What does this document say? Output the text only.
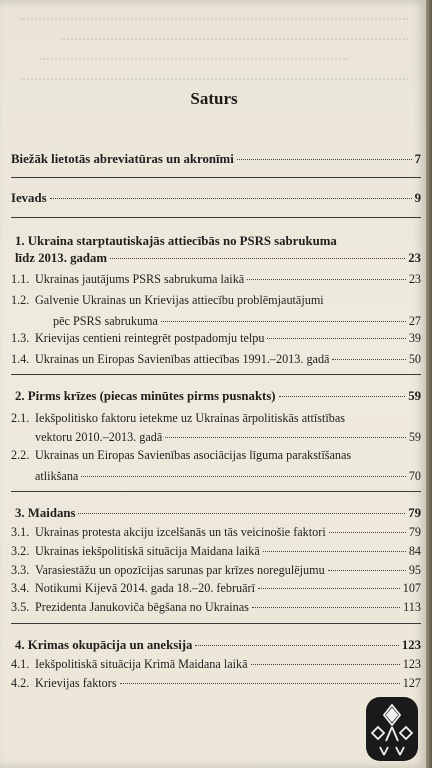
Saturs
Biežāk lietotās abreviatūras un akronīmi	7
Ievads	9
1. Ukraina starptautiskajās attiecībās no PSRS sabrukuma
līdz 2013. gadam	23
1.1. Ukrainas jautājums PSRS sabrukuma laikā	23
1.2. Galvenie Ukrainas un Krievijas attiecību problēmjautājumi
pēc PSRS sabrukuma	27
1.3. Krievijas centieni reintegrēt postpadomju telpu	39
1.4. Ukrainas un Eiropas Savienības attiecības 1991.–2013. gadā	50
2. Pirms krīzes (piecas minūtes pirms pusnakts)	59
2.1. Iekšpolitisko faktoru ietekme uz Ukrainas ārpolitiskās attīstības
vektoru 2010.–2013. gadā	59
2.2. Ukrainas un Eiropas Savienības asociācijas līguma parakstīšanas
atlikšana	70
3. Maidans	79
3.1. Ukrainas protesta akciju izcelšanās un tās veicinošie faktori	79
3.2. Ukrainas iekšpolitiskā situācija Maidana laikā	84
3.3. Varasiestāžu un opozīcijas sarunas par krīzes noregulējumu	95
3.4. Notikumi Kijevā 2014. gada 18.–20. februārī	107
3.5. Prezidenta Janukoviča bēgšana no Ukrainas	113
4. Krimas okupācija un aneksija	123
4.1. Iekšpolitiskā situācija Krimā Maidana laikā	123
4.2. Krievijas faktors	127
